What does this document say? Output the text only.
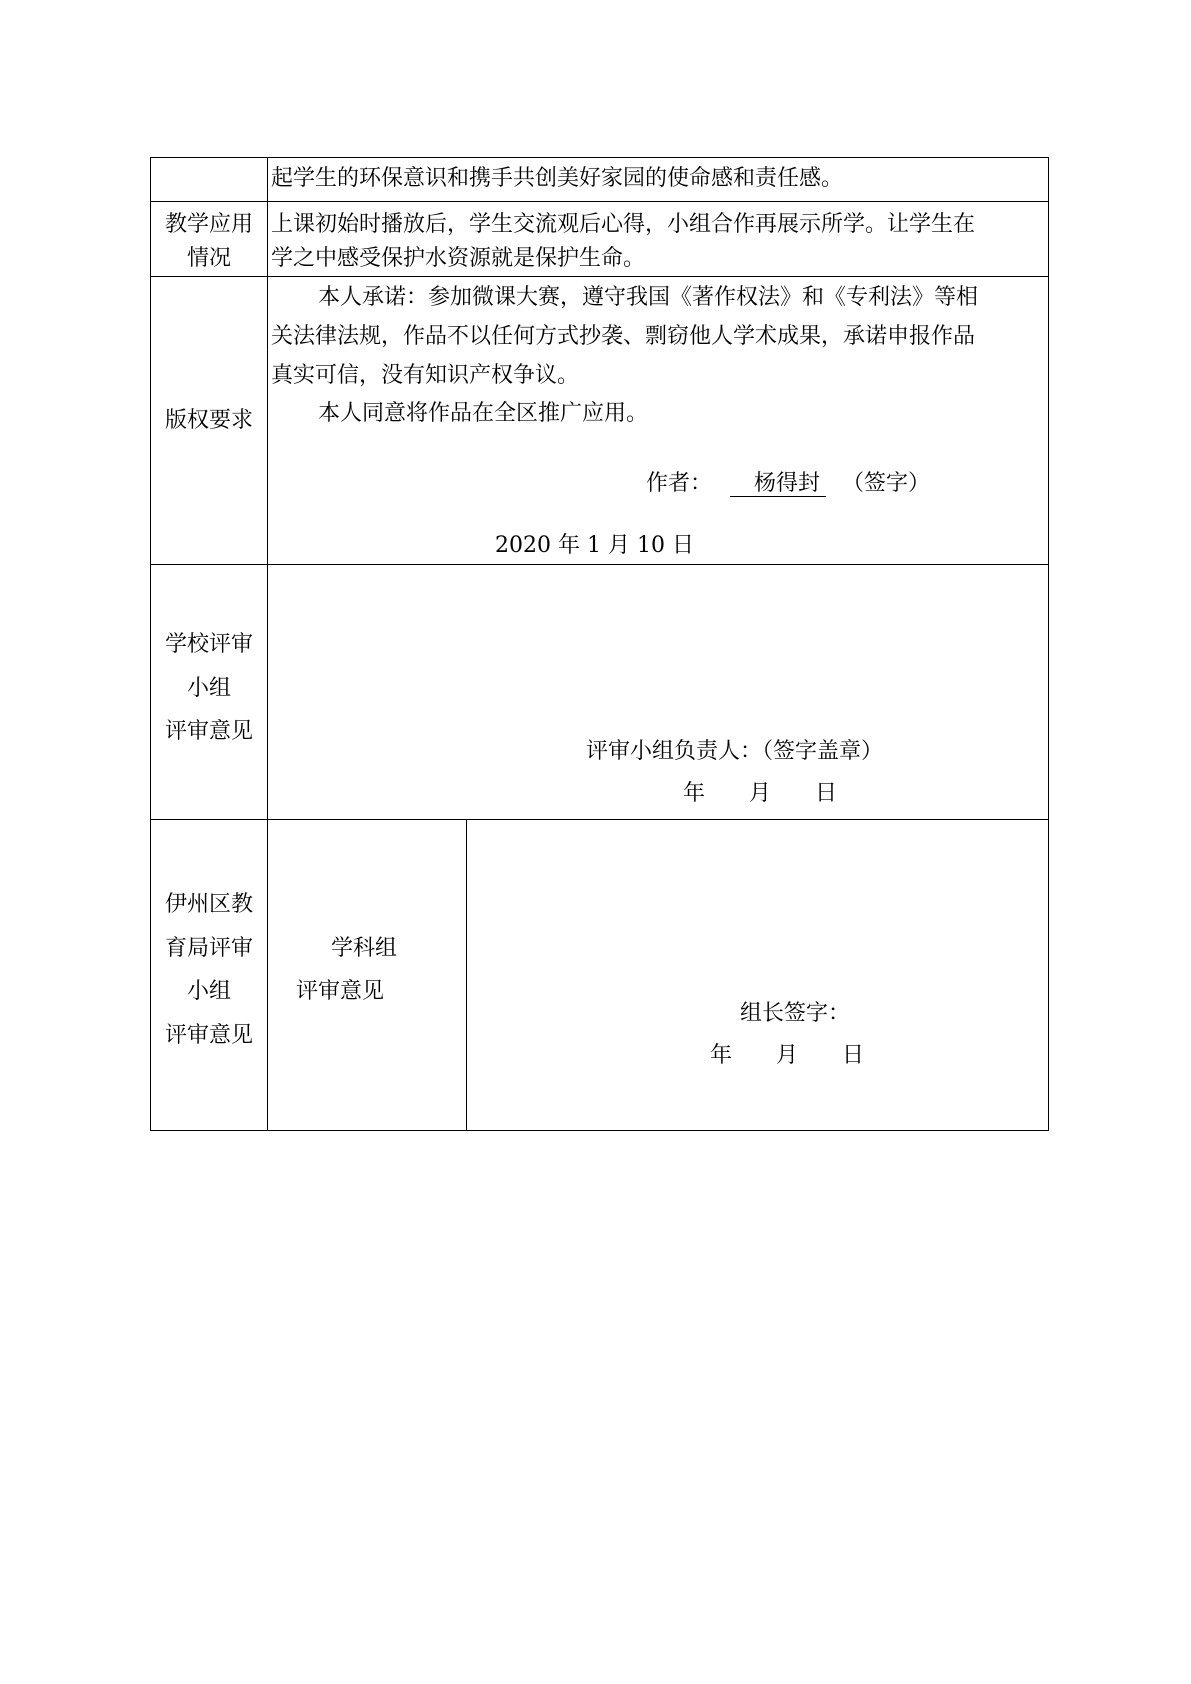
起学生的环保意识和携手共创美好家园的使命感和责任感。
教学应用
情况
上课初始时播放后，学生交流观后心得，小组合作再展示所学。让学生在
学之中感受保护水资源就是保护生命。
版权要求
本人承诺：参加微课大赛，遵守我国《著作权法》和《专利法》等相
关法律法规，作品不以任何方式抄袭、剽窃他人学术成果，承诺申报作品
真实可信，没有知识产权争议。
本人同意将作品在全区推广应用。
作者：	杨得封 （签字）
2020 年 1 月 10 日
学校评审
小组
评审意见
评审小组负责人：（签字盖章）
年　　月　　日
伊州区教
育局评审
小组
评审意见
学科组
评审意见
组长签字：
年　　月　　日
